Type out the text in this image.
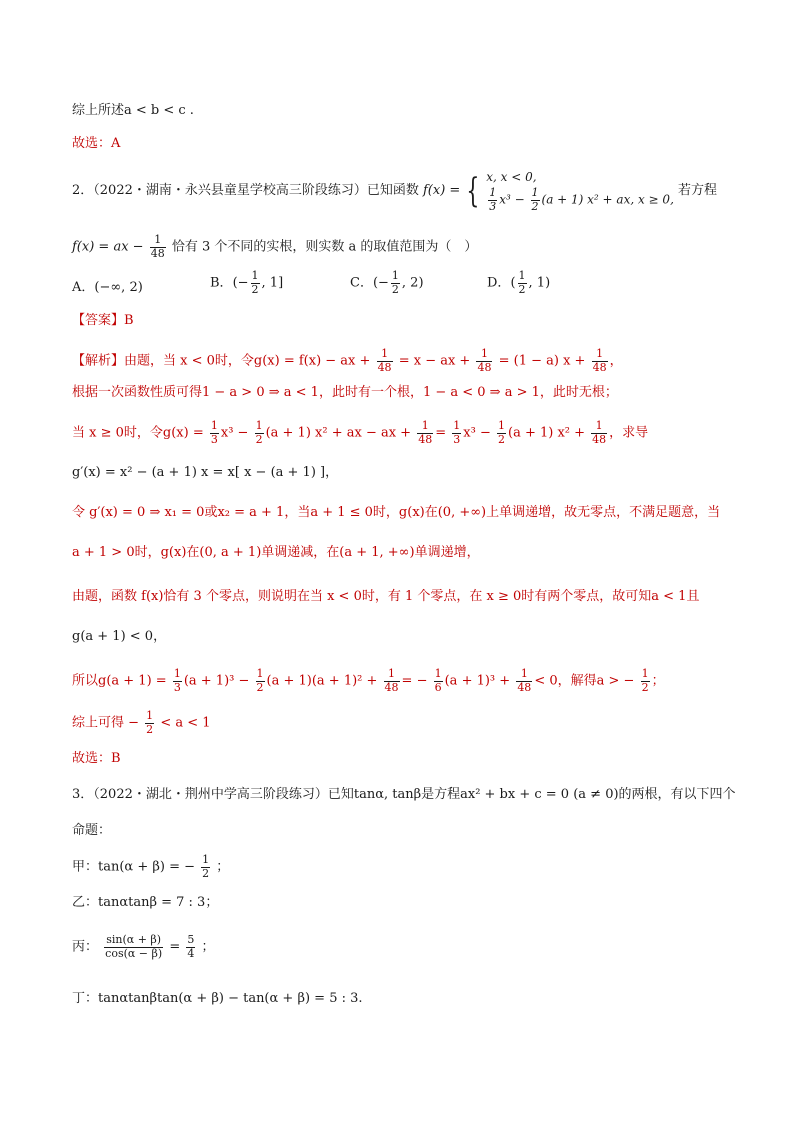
综上所述a < b < c .
故选：A
2．（2022・湖南・永兴县童星学校高三阶段练习）已知函数 f(x) = { x, x < 0,
$\frac{1}{3} x^3 - \frac{1}{2} (a + 1) x^2$ + ax, x ≥ 0,
若方程
f(x) = ax − $\frac{1}{48}$ 恰有 3 个不同的实根，则实数 a 的取值范围为（　）
A．(−∞, 2)	B．(− $\frac{1}{2}$ , 1]	C．(− $\frac{1}{2}$ , 2)	D．( $\frac{1}{2}$ , 1)
【答案】B
【解析】由题，当 x < 0时，令g(x) = f(x) − ax + $\frac{1}{48} = x$ − ax + $\frac{1}{48} = (1 - a) x + \frac{1}{48}$ ，
根据一次函数性质可得1 − a > 0 ⇒ a < 1，此时有一个根，1 − a < 0 ⇒ a > 1，此时无根；
当 x ≥ 0时，令$g(x) = \frac{1}{3} x^3 - \frac{1}{2} (a + 1) x^2$ + ax − ax + $\frac{1}{48} = \frac{1}{3} x^3 - \frac{1}{2} (a + 1) x^2 + \frac{1}{48}$ ，求导
g′(x) = x² − (a + 1) x = x[ x − (a + 1) ]，
令 g′(x) = 0 ⇒ x₁ = 0或x₂ = a + 1，当a + 1 ≤ 0时，g(x)在(0, +∞)上单调递增，故无零点，不满足题意，当
a + 1 > 0时，g(x)在(0, a + 1)单调递减，在(a + 1, +∞)单调递增，
由题，函数 f(x)恰有 3 个零点，则说明在当 x < 0时，有 1 个零点，在 x ≥ 0时有两个零点，故可知a < 1且
g(a + 1) < 0，
所以$g(a + 1) = \frac{1}{3} (a + 1)^3 - \frac{1}{2} (a + 1)(a + 1)^2 + \frac{1}{48}$ = − $\frac{1}{6} (a + 1)^3 + \frac{1}{48} < 0$，解得a > − $\frac{1}{2}$ ；
综上可得 − $\frac{1}{2} < a < 1$
故选：B
3．（2022・湖北・荆州中学高三阶段练习）已知tanα, tanβ是方程ax² + bx + c = 0 (a ≠ 0)的两根，有以下四个
命题：
甲：tan(α + β) = − $\frac{1}{2}$ ；
乙：tanαtanβ = 7 : 3；
丙： $\frac{\sin(\alpha + \beta)}{\cos(\alpha - \beta)} = \frac{5}{4}$ ；
丁：tanαtanβtan(α + β) − tan(α + β) = 5 : 3.
